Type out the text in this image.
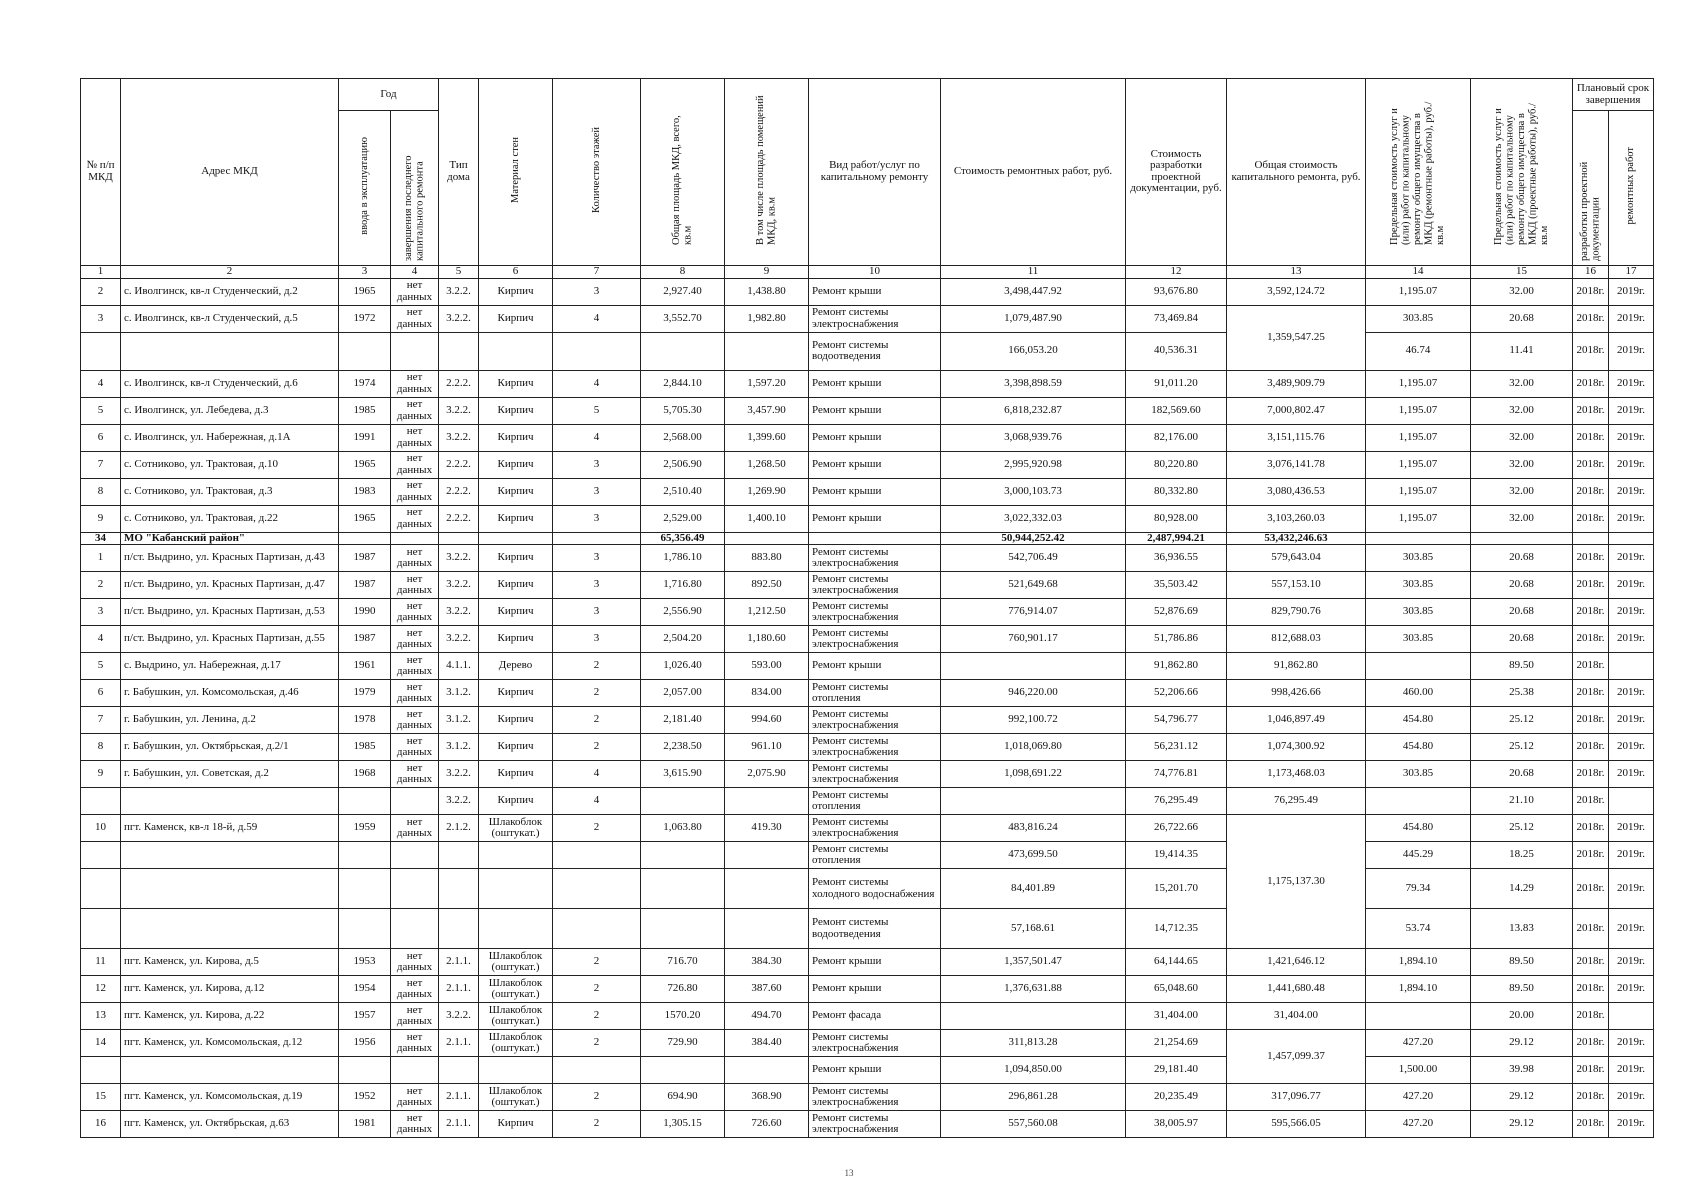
№ п/п МКД	Адрес МКД	Год		Тип дома	Материал стен	Количество этажей	Общая площадь МКД, всего, кв.м	В том числе площадь помещений МКД, кв.м	Вид работ/услуг по капитальному ремонту	Стоимость ремонтных работ, руб.	Стоимость разработки проектной документации, руб.	Общая стоимость капитального ремонта, руб.	Предельная стоимость услуг и (или) работ по капитальному ремонту общего имущества в МКД (ремонтные работы), руб./кв.м	Предельная стоимость услуг и (или) работ по капитальному ремонту общего имущества в МКД (проектные работы), руб./кв.м	Плановый срок завершения	
		ввода в эксплуатацию	завершения последнего капитального ремонта												разработки проектной документации	ремонтных работ
1	2	3	4	5	6	7	8	9	10	11	12	13	14	15	16	17
2	с. Иволгинск, кв-л Студенческий, д.2	1965	нет данных	3.2.2.	Кирпич	3	2,927.40	1,438.80	Ремонт крыши	3,498,447.92	93,676.80	3,592,124.72	1,195.07	32.00	2018г.	2019г.
3	с. Иволгинск, кв-л Студенческий, д.5	1972	нет данных	3.2.2.	Кирпич	4	3,552.70	1,982.80	Ремонт системы электроснабжения	1,079,487.90	73,469.84	1,359,547.25	303.85	20.68	2018г.	2019г.
									Ремонт системы водоотведения	166,053.20	40,536.31		46.74	11.41	2018г.	2019г.
4	с. Иволгинск, кв-л Студенческий, д.6	1974	нет данных	2.2.2.	Кирпич	4	2,844.10	1,597.20	Ремонт крыши	3,398,898.59	91,011.20	3,489,909.79	1,195.07	32.00	2018г.	2019г.
5	с. Иволгинск, ул. Лебедева, д.3	1985	нет данных	3.2.2.	Кирпич	5	5,705.30	3,457.90	Ремонт крыши	6,818,232.87	182,569.60	7,000,802.47	1,195.07	32.00	2018г.	2019г.
6	с. Иволгинск, ул. Набережная, д.1А	1991	нет данных	3.2.2.	Кирпич	4	2,568.00	1,399.60	Ремонт крыши	3,068,939.76	82,176.00	3,151,115.76	1,195.07	32.00	2018г.	2019г.
7	с. Сотниково, ул. Трактовая, д.10	1965	нет данных	2.2.2.	Кирпич	3	2,506.90	1,268.50	Ремонт крыши	2,995,920.98	80,220.80	3,076,141.78	1,195.07	32.00	2018г.	2019г.
8	с. Сотниково, ул. Трактовая, д.3	1983	нет данных	2.2.2.	Кирпич	3	2,510.40	1,269.90	Ремонт крыши	3,000,103.73	80,332.80	3,080,436.53	1,195.07	32.00	2018г.	2019г.
9	с. Сотниково, ул. Трактовая, д.22	1965	нет данных	2.2.2.	Кирпич	3	2,529.00	1,400.10	Ремонт крыши	3,022,332.03	80,928.00	3,103,260.03	1,195.07	32.00	2018г.	2019г.
34	МО "Кабанский район"						65,356.49			50,944,252.42	2,487,994.21	53,432,246.63				
1	п/ст. Выдрино, ул. Красных Партизан, д.43	1987	нет данных	3.2.2.	Кирпич	3	1,786.10	883.80	Ремонт системы электроснабжения	542,706.49	36,936.55	579,643.04	303.85	20.68	2018г.	2019г.
2	п/ст. Выдрино, ул. Красных Партизан, д.47	1987	нет данных	3.2.2.	Кирпич	3	1,716.80	892.50	Ремонт системы электроснабжения	521,649.68	35,503.42	557,153.10	303.85	20.68	2018г.	2019г.
3	п/ст. Выдрино, ул. Красных Партизан, д.53	1990	нет данных	3.2.2.	Кирпич	3	2,556.90	1,212.50	Ремонт системы электроснабжения	776,914.07	52,876.69	829,790.76	303.85	20.68	2018г.	2019г.
4	п/ст. Выдрино, ул. Красных Партизан, д.55	1987	нет данных	3.2.2.	Кирпич	3	2,504.20	1,180.60	Ремонт системы электроснабжения	760,901.17	51,786.86	812,688.03	303.85	20.68	2018г.	2019г.
5	с. Выдрино, ул. Набережная, д.17	1961	нет данных	4.1.1.	Дерево	2	1,026.40	593.00	Ремонт крыши		91,862.80	91,862.80		89.50	2018г.	
6	г. Бабушкин, ул. Комсомольская, д.46	1979	нет данных	3.1.2.	Кирпич	2	2,057.00	834.00	Ремонт системы отопления	946,220.00	52,206.66	998,426.66	460.00	25.38	2018г.	2019г.
7	г. Бабушкин, ул. Ленина, д.2	1978	нет данных	3.1.2.	Кирпич	2	2,181.40	994.60	Ремонт системы электроснабжения	992,100.72	54,796.77	1,046,897.49	454.80	25.12	2018г.	2019г.
8	г. Бабушкин, ул. Октябрьская, д.2/1	1985	нет данных	3.1.2.	Кирпич	2	2,238.50	961.10	Ремонт системы электроснабжения	1,018,069.80	56,231.12	1,074,300.92	454.80	25.12	2018г.	2019г.
9	г. Бабушкин, ул. Советская, д.2	1968	нет данных	3.2.2.	Кирпич	4	3,615.90	2,075.90	Ремонт системы электроснабжения	1,098,691.22	74,776.81	1,173,468.03	303.85	20.68	2018г.	2019г.
				3.2.2.	Кирпич	4			Ремонт системы отопления		76,295.49	76,295.49		21.10	2018г.	
10	пгт. Каменск, кв-л 18-й, д.59	1959	нет данных	2.1.2.	Шлакоблок (оштукат.)	2	1,063.80	419.30	Ремонт системы электроснабжения	483,816.24	26,722.66	1,175,137.30	454.80	25.12	2018г.	2019г.
									Ремонт системы отопления	473,699.50	19,414.35		445.29	18.25	2018г.	2019г.
									Ремонт системы холодного водоснабжения	84,401.89	15,201.70		79.34	14.29	2018г.	2019г.
									Ремонт системы водоотведения	57,168.61	14,712.35		53.74	13.83	2018г.	2019г.
11	пгт. Каменск, ул. Кирова, д.5	1953	нет данных	2.1.1.	Шлакоблок (оштукат.)	2	716.70	384.30	Ремонт крыши	1,357,501.47	64,144.65	1,421,646.12	1,894.10	89.50	2018г.	2019г.
12	пгт. Каменск, ул. Кирова, д.12	1954	нет данных	2.1.1.	Шлакоблок (оштукат.)	2	726.80	387.60	Ремонт крыши	1,376,631.88	65,048.60	1,441,680.48	1,894.10	89.50	2018г.	2019г.
13	пгт. Каменск, ул. Кирова, д.22	1957	нет данных	3.2.2.	Шлакоблок (оштукат.)	2	1570.20	494.70	Ремонт фасада		31,404.00	31,404.00		20.00	2018г.	
14	пгт. Каменск, ул. Комсомольская, д.12	1956	нет данных	2.1.1.	Шлакоблок (оштукат.)	2	729.90	384.40	Ремонт системы электроснабжения	311,813.28	21,254.69	1,457,099.37	427.20	29.12	2018г.	2019г.
									Ремонт крыши	1,094,850.00	29,181.40		1,500.00	39.98	2018г.	2019г.
15	пгт. Каменск, ул. Комсомольская, д.19	1952	нет данных	2.1.1.	Шлакоблок (оштукат.)	2	694.90	368.90	Ремонт системы электроснабжения	296,861.28	20,235.49	317,096.77	427.20	29.12	2018г.	2019г.
16	пгт. Каменск, ул. Октябрьская, д.63	1981	нет данных	2.1.1.	Кирпич	2	1,305.15	726.60	Ремонт системы электроснабжения	557,560.08	38,005.97	595,566.05	427.20	29.12	2018г.	2019г.
13
